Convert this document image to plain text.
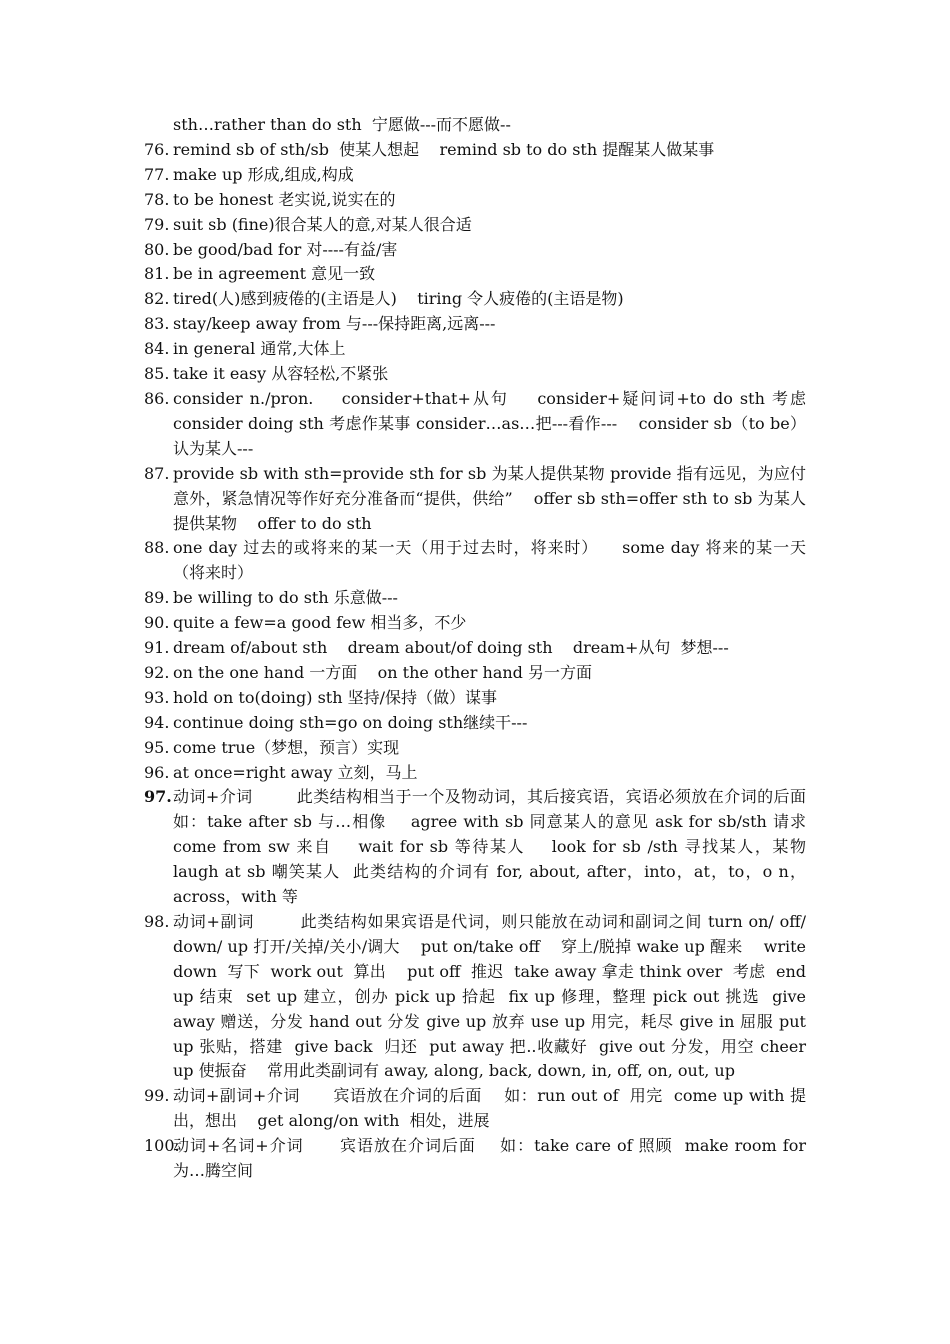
sth…rather than do sth  宁愿做---而不愿做--
76. remind sb of sth/sb  使某人想起    remind sb to do sth 提醒某人做某事
77. make up 形成,组成,构成
78. to be honest 老实说,说实在的
79. suit sb (fine)很合某人的意,对某人很合适
80. be good/bad for 对----有益/害
81. be in agreement 意见一致
82. tired(人)感到疲倦的(主语是人)    tiring 令人疲倦的(主语是物)
83. stay/keep away from 与---保持距离,远离---
84. in general 通常,大体上
85. take it easy 从容轻松,不紧张
86. consider n./pron.    consider+that+从句    consider+疑问词+to do sth 考虑 consider doing sth 考虑作某事 consider…as…把---看作---    consider sb（to be）认为某人---
87. provide sb with sth=provide sth for sb 为某人提供某物 provide 指有远见，为应付意外，紧急情况等作好充分准备而“提供，供给”    offer sb sth=offer sth to sb 为某人提供某物    offer to do sth
88. one day 过去的或将来的某一天（用于过去时，将来时）    some day 将来的某一天（将来时）
89. be willing to do sth 乐意做---
90. quite a few=a good few 相当多，不少
91. dream of/about sth    dream about/of doing sth    dream+从句  梦想---
92. on the one hand 一方面    on the other hand 另一方面
93. hold on to(doing) sth 坚持/保持（做）谋事
94. continue doing sth=go on doing sth继续干---
95. come true（梦想，预言）实现
96. at once=right away 立刻，马上
97. 动词+介词        此类结构相当于一个及物动词，其后接宾语，宾语必须放在介词的后面      如：take after sb 与…相像    agree with sb 同意某人的意见 ask for sb/sth 请求  come from sw 来自    wait for sb 等待某人    look for sb /sth 寻找某人，某物    laugh at sb 嘲笑某人  此类结构的介词有 for, about, after，into，at，to，o n，across，with 等
98. 动词+副词        此类结构如果宾语是代词，则只能放在动词和副词之间 turn on/ off/ down/ up 打开/关掉/关小/调大    put on/take off    穿上/脱掉 wake up 醒来    write down  写下  work out  算出    put off  推迟  take away 拿走 think over  考虑  end up 结束  set up 建立，创办 pick up 拾起  fix up 修理，整理 pick out 挑选  give away 赠送，分发 hand out 分发 give up 放弃 use up 用完，耗尽 give in 屈服 put up 张贴，搭建  give back  归还  put away 把..收藏好  give out 分发，用空 cheer up 使振奋    常用此类副词有 away, along, back, down, in, off, on, out, up
99. 动词+副词+介词      宾语放在介词的后面    如：run out of  用完  come up with 提出，想出    get along/on with  相处，进展
100.
动词+名词+介词      宾语放在介词后面    如：take care of 照顾  make room for  为…腾空间
